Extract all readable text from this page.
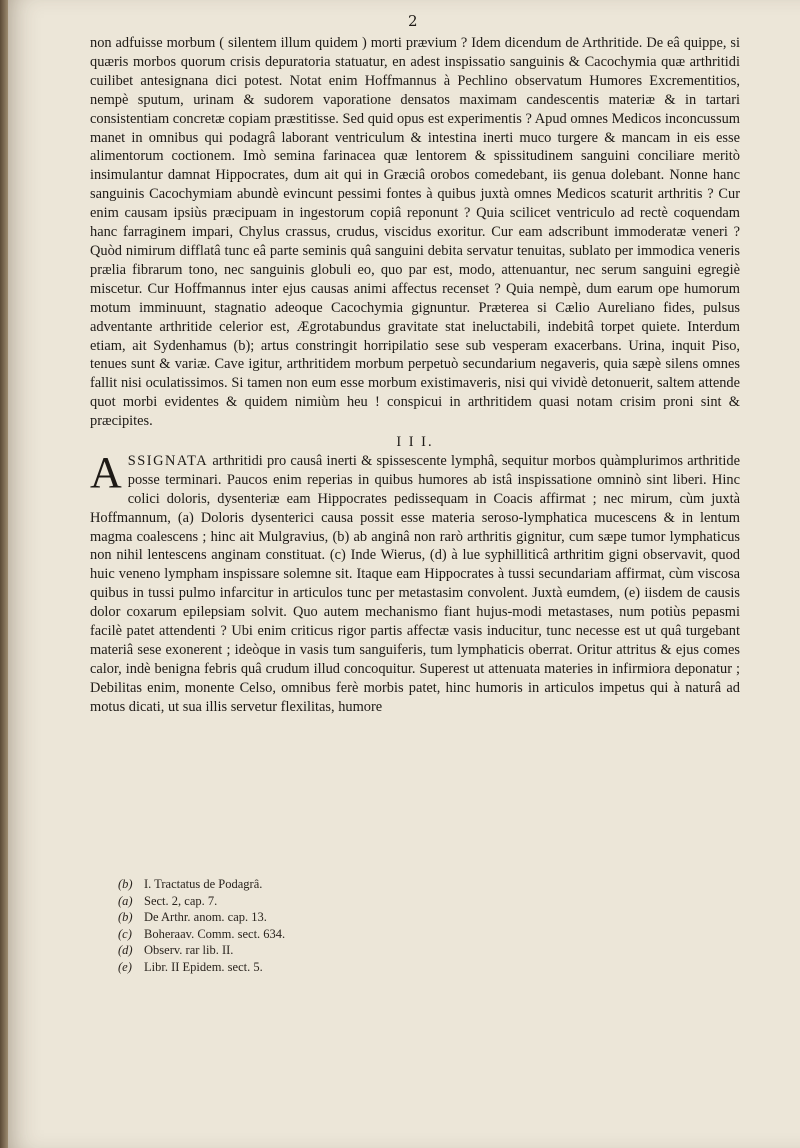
2

non adfuisse morbum ( silentem illum quidem ) morti prævium ? Idem dicendum de Arthritide. De eâ quippe, si quæris morbos quorum crisis depuratoria statuatur, en adest inspissatio sanguinis & Cacochymia quæ arthritidi cuilibet antesignana dici potest. Notat enim Hoffmannus à Pechlino observatum Humores Excrementitios, nempè sputum, urinam & sudorem vaporatione densatos maximam candescentis materiæ & in tartari consistentiam concretæ copiam præstitisse. Sed quid opus est experimentis ? Apud omnes Medicos inconcussum manet in omnibus qui podagrâ laborant ventriculum & intestina inerti muco turgere & mancam in eis esse alimentorum coctionem. Imò semina farinacea quæ lentorem & spissitudinem sanguini conciliare meritò insimulantur damnat Hippocrates, dum ait qui in Græciâ orobos comedebant, iis genua dolebant. Nonne hanc sanguinis Cacochymiam abundè evincunt pessimi fontes à quibus juxtà omnes Medicos scaturit arthritis ? Cur enim causam ipsiùs præcipuam in ingestorum copiâ reponunt ? Quia scilicet ventriculo ad rectè coquendam hanc farraginem impari, Chylus crassus, crudus, viscidus exoritur. Cur eam adscribunt immoderatæ veneri ? Quòd nimirum difflatâ tunc eâ parte seminis quâ sanguini debita servatur tenuitas, sublato per immodica veneris prælia fibrarum tono, nec sanguinis globuli eo, quo par est, modo, attenuantur, nec serum sanguini egregiè miscetur. Cur Hoffmannus inter ejus causas animi affectus recenset ? Quia nempè, dum earum ope humorum motum imminuunt, stagnatio adeoque Cacochymia gignuntur. Præterea si Cælio Aureliano fides, pulsus adventante arthritide celerior est, Ægrotabundus gravitate stat ineluctabili, indebitâ torpet quiete. Interdum etiam, ait Sydenhamus (b); artus constringit horripilatio sese sub vesperam exacerbans. Urina, inquit Piso, tenues sunt & variæ. Cave igitur, arthritidem morbum perpetuò secundarium negaveris, quia sæpè silens omnes fallit nisi oculatissimos. Si tamen non eum esse morbum existimaveris, nisi qui vividè detonuerit, saltem attende quot morbi evidentes & quidem nimiùm heu ! conspicui in arthritidem quasi notam crisim proni sint & præcipites.

I I I.

ASSIGNATA arthritidi pro causâ inerti & spissescente lymphâ, sequitur morbos quàmplurimos arthritide posse terminari. Paucos enim reperias in quibus humores ab istâ inspissatione omninò sint liberi. Hinc colici doloris, dysenteriæ eam Hippocrates pedissequam in Coacis affirmat ; nec mirum, cùm juxtà Hoffmannum, (a) Doloris dysenterici causa possit esse materia seroso-lymphatica mucescens & in lentum magma coalescens ; hinc ait Mulgravius, (b) ab anginâ non rarò arthritis gignitur, cum sæpe tumor lymphaticus non nihil lentescens anginam constituat. (c) Inde Wierus, (d) à lue syphilliticâ arthritim gigni observavit, quod huic veneno lympham inspissare solemne sit. Itaque eam Hippocrates à tussi secundariam affirmat, cùm viscosa quibus in tussi pulmo infarcitur in articulos tunc per metastasim convolent. Juxtà eumdem, (e) iisdem de causis dolor coxarum epilepsiam solvit. Quo autem mechanismo fiant hujus-modi metastases, num potiùs pepasmi facilè patet attendenti ? Ubi enim criticus rigor partis affectæ vasis inducitur, tunc necesse est ut quâ turgebant materiâ sese exonerent ; ideòque in vasis tum sanguiferis, tum lymphaticis oberrat. Oritur attritus & ejus comes calor, indè benigna febris quâ crudum illud concoquitur. Superest ut attenuata materies in infirmiora deponatur ; Debilitas enim, monente Celso, omnibus ferè morbis patet, hinc humoris in articulos impetus qui à naturâ ad motus dicati, ut sua illis servetur flexilitas, humore

(b) I. Tractatus de Podagrâ.

(a) Sect. 2, cap. 7.

(b) De Arthr. anom. cap. 13.

(c) Boheraav. Comm. sect. 634.

(d) Observ. rar lib. II.

(e) Libr. II Epidem. sect. 5.
